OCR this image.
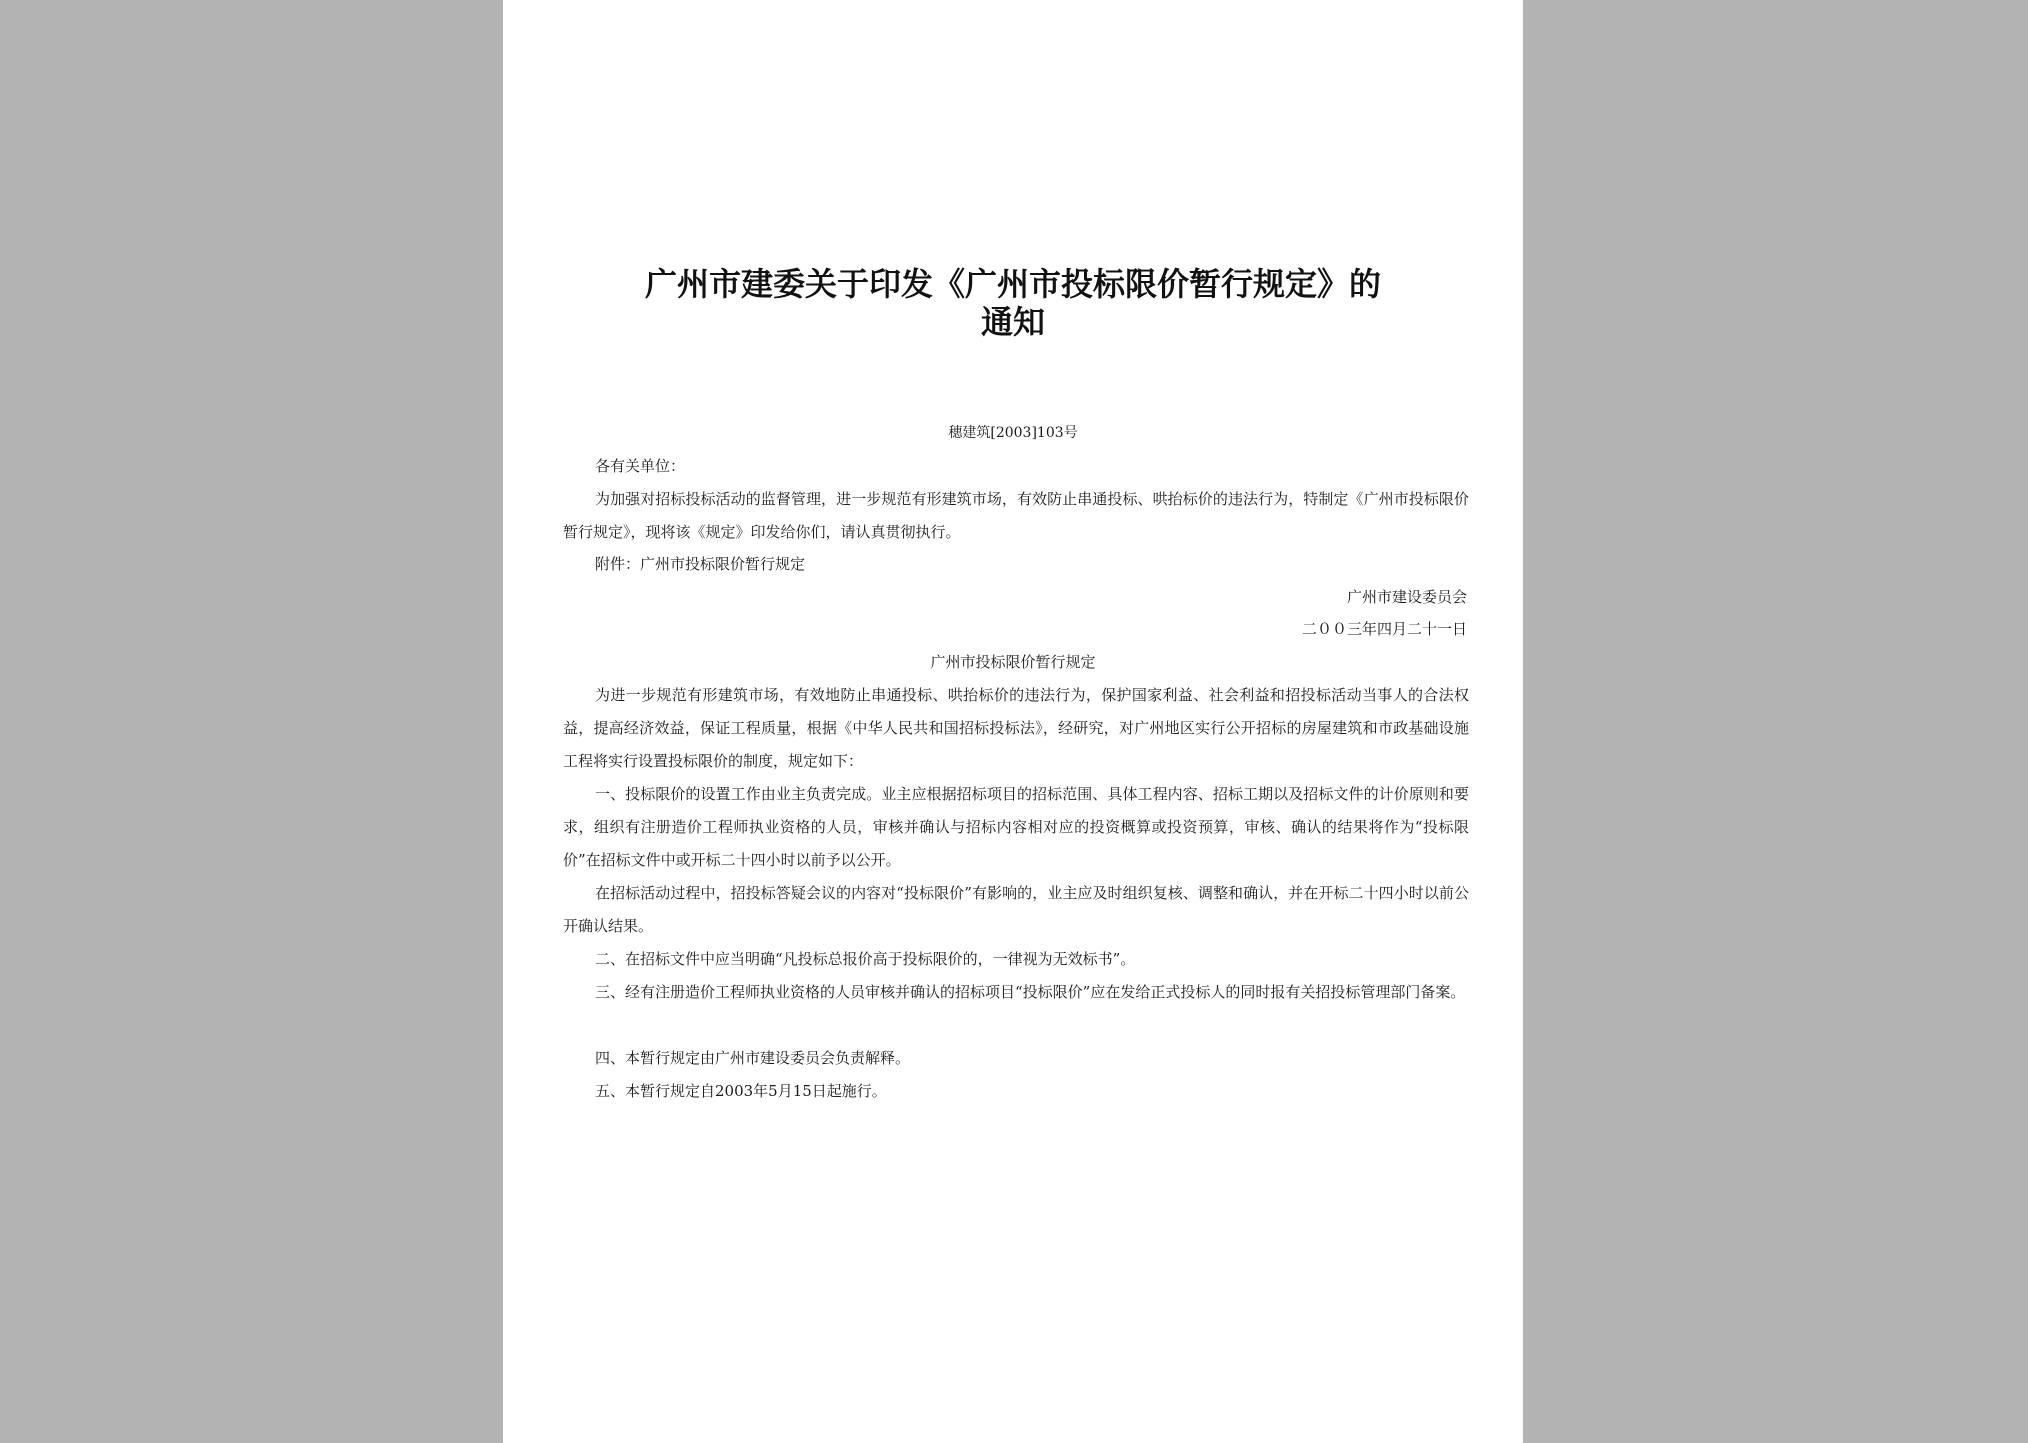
广州市建委关于印发《广州市投标限价暂行规定》的
通知
穗建筑[2003]103号
各有关单位：
为加强对招标投标活动的监督管理，进一步规范有形建筑市场，有效防止串通投标、哄抬标价的违法行为，特制定《广州市投标限价暂行规定》，现将该《规定》印发给你们，请认真贯彻执行。
附件：广州市投标限价暂行规定
广州市建设委员会
二００三年四月二十一日
广州市投标限价暂行规定
为进一步规范有形建筑市场，有效地防止串通投标、哄抬标价的违法行为，保护国家利益、社会利益和招投标活动当事人的合法权益，提高经济效益，保证工程质量，根据《中华人民共和国招标投标法》，经研究，对广州地区实行公开招标的房屋建筑和市政基础设施工程将实行设置投标限价的制度，规定如下：
一、投标限价的设置工作由业主负责完成。业主应根据招标项目的招标范围、具体工程内容、招标工期以及招标文件的计价原则和要求，组织有注册造价工程师执业资格的人员，审核并确认与招标内容相对应的投资概算或投资预算，审核、确认的结果将作为“投标限价”在招标文件中或开标二十四小时以前予以公开。
在招标活动过程中，招投标答疑会议的内容对“投标限价”有影响的，业主应及时组织复核、调整和确认，并在开标二十四小时以前公开确认结果。
二、在招标文件中应当明确“凡投标总报价高于投标限价的，一律视为无效标书”。
三、经有注册造价工程师执业资格的人员审核并确认的招标项目“投标限价”应在发给正式投标人的同时报有关招投标管理部门备案。
四、本暂行规定由广州市建设委员会负责解释。
五、本暂行规定自2003年5月15日起施行。
